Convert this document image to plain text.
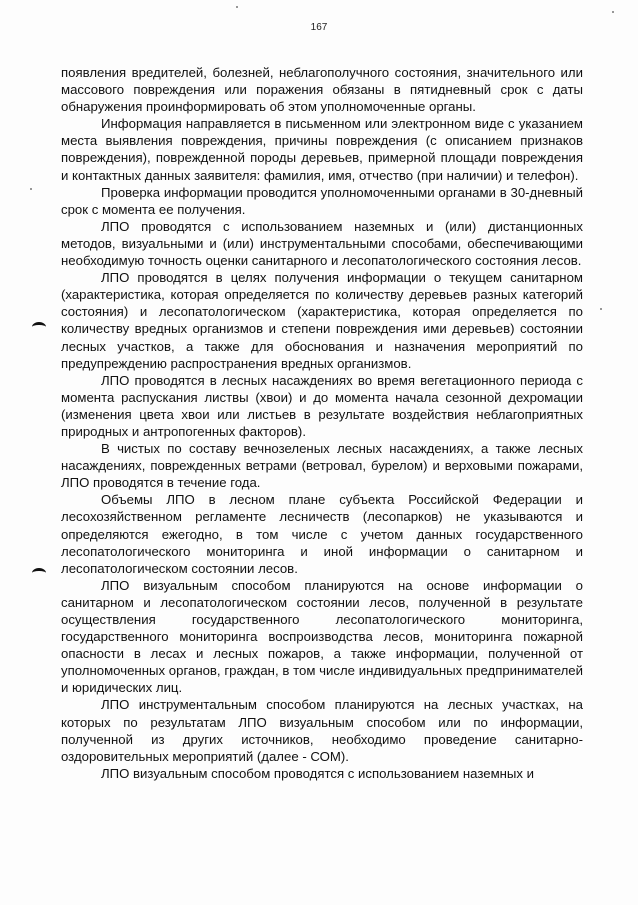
167

появления вредителей, болезней, неблагополучного состояния, значительного или массового повреждения или поражения обязаны в пятидневный срок с даты обнаружения проинформировать об этом уполномоченные органы.

Информация направляется в письменном или электронном виде с указанием места выявления повреждения, причины повреждения (с описанием признаков повреждения), поврежденной породы деревьев, примерной площади повреждения и контактных данных заявителя: фамилия, имя, отчество (при наличии) и телефон).

Проверка информации проводится уполномоченными органами в 30-дневный срок с момента ее получения.

ЛПО проводятся с использованием наземных и (или) дистанционных методов, визуальными и (или) инструментальными способами, обеспечивающими необходимую точность оценки санитарного и лесопатологического состояния лесов.

ЛПО проводятся в целях получения информации о текущем санитарном (характеристика, которая определяется по количеству деревьев разных категорий состояния) и лесопатологическом (характеристика, которая определяется по количеству вредных организмов и степени повреждения ими деревьев) состоянии лесных участков, а также для обоснования и назначения мероприятий по предупреждению распространения вредных организмов.

ЛПО проводятся в лесных насаждениях во время вегетационного периода с момента распускания листвы (хвои) и до момента начала сезонной дехромации (изменения цвета хвои или листьев в результате воздействия неблагоприятных природных и антропогенных факторов).

В чистых по составу вечнозеленых лесных насаждениях, а также лесных насаждениях, поврежденных ветрами (ветровал, бурелом) и верховыми пожарами, ЛПО проводятся в течение года.

Объемы ЛПО в лесном плане субъекта Российской Федерации и лесохозяйственном регламенте лесничеств (лесопарков) не указываются и определяются ежегодно, в том числе с учетом данных государственного лесопатологического мониторинга и иной информации о санитарном и лесопатологическом состоянии лесов.

ЛПО визуальным способом планируются на основе информации о санитарном и лесопатологическом состоянии лесов, полученной в результате осуществления государственного лесопатологического мониторинга, государственного мониторинга воспроизводства лесов, мониторинга пожарной опасности в лесах и лесных пожаров, а также информации, полученной от уполномоченных органов, граждан, в том числе индивидуальных предпринимателей и юридических лиц.

ЛПО инструментальным способом планируются на лесных участках, на которых по результатам ЛПО визуальным способом или по информации, полученной из других источников, необходимо проведение санитарно-оздоровительных мероприятий (далее - СОМ).

ЛПО визуальным способом проводятся с использованием наземных и
